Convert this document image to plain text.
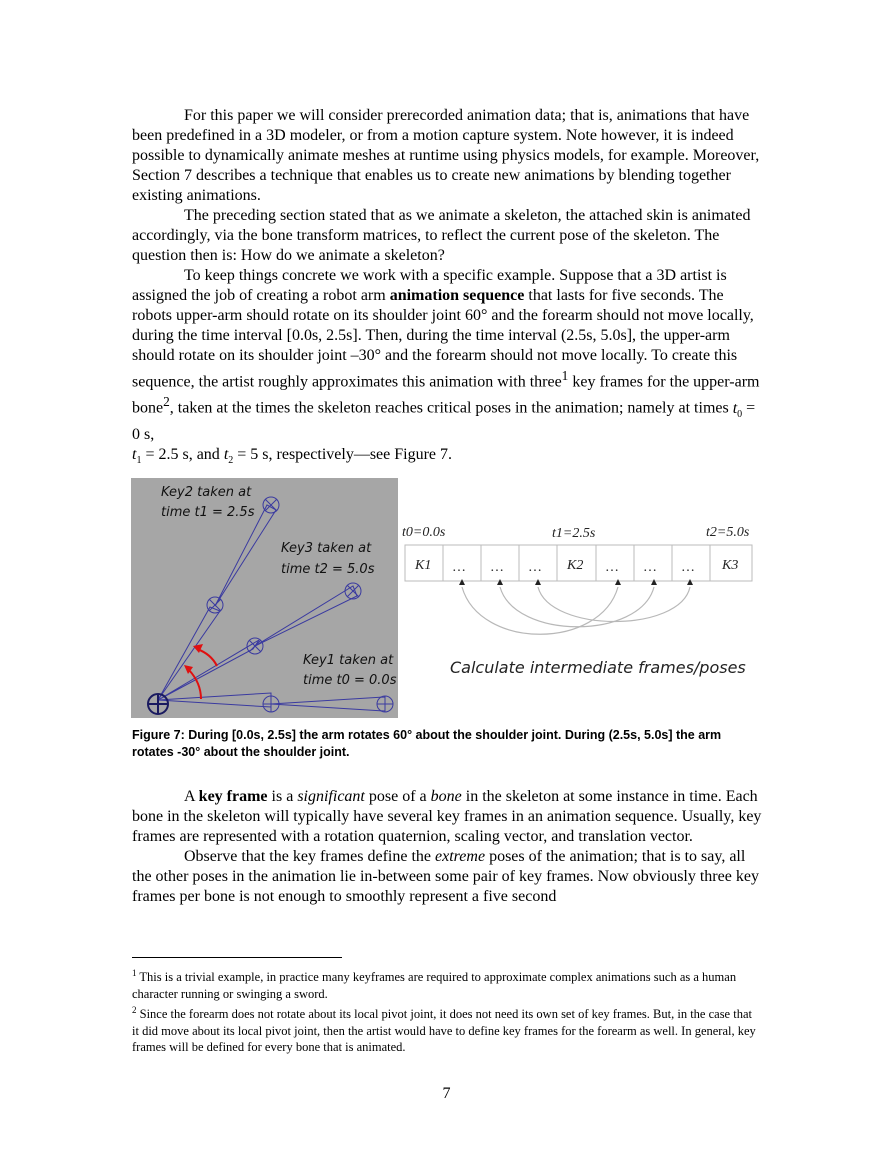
For this paper we will consider prerecorded animation data; that is, animations that have been predefined in a 3D modeler, or from a motion capture system. Note however, it is indeed possible to dynamically animate meshes at runtime using physics models, for example. Moreover, Section 7 describes a technique that enables us to create new animations by blending together existing animations.

The preceding section stated that as we animate a skeleton, the attached skin is animated accordingly, via the bone transform matrices, to reflect the current pose of the skeleton. The question then is: How do we animate a skeleton?

To keep things concrete we work with a specific example. Suppose that a 3D artist is assigned the job of creating a robot arm animation sequence that lasts for five seconds. The robots upper-arm should rotate on its shoulder joint 60° and the forearm should not move locally, during the time interval [0.0s, 2.5s]. Then, during the time interval (2.5s, 5.0s], the upper-arm should rotate on its shoulder joint –30° and the forearm should not move locally. To create this sequence, the artist roughly approximates this animation with three$^1$ key frames for the upper-arm bone$^2$, taken at the times the skeleton reaches critical poses in the animation; namely at times $t_0 = 0$ s,
$t_1 = 2.5$ s, and $t_2 = 5$ s, respectively—see Figure 7.

Key2 taken at
time t1 = 2.5s
Key3 taken at
time t2 = 5.0s
Key1 taken at
time t0 = 0.0s
t0=0.0s	t1=2.5s	t2=5.0s
K1 … … … K2 … … … K3
Calculate intermediate frames/poses
Figure 7: During [0.0s, 2.5s] the arm rotates 60° about the shoulder joint. During (2.5s, 5.0s] the arm
rotates -30° about the shoulder joint.

A key frame is a significant pose of a bone in the skeleton at some instance in time. Each bone in the skeleton will typically have several key frames in an animation sequence. Usually, key frames are represented with a rotation quaternion, scaling vector, and translation vector.

Observe that the key frames define the extreme poses of the animation; that is to say, all the other poses in the animation lie in-between some pair of key frames. Now obviously three key frames per bone is not enough to smoothly represent a five second

$^1$ This is a trivial example, in practice many keyframes are required to approximate complex animations such as a human character running or swinging a sword.

$^2$ Since the forearm does not rotate about its local pivot joint, it does not need its own set of key frames. But, in the case that it did move about its local pivot joint, then the artist would have to define key frames for the forearm as well. In general, key frames will be defined for every bone that is animated.

7
